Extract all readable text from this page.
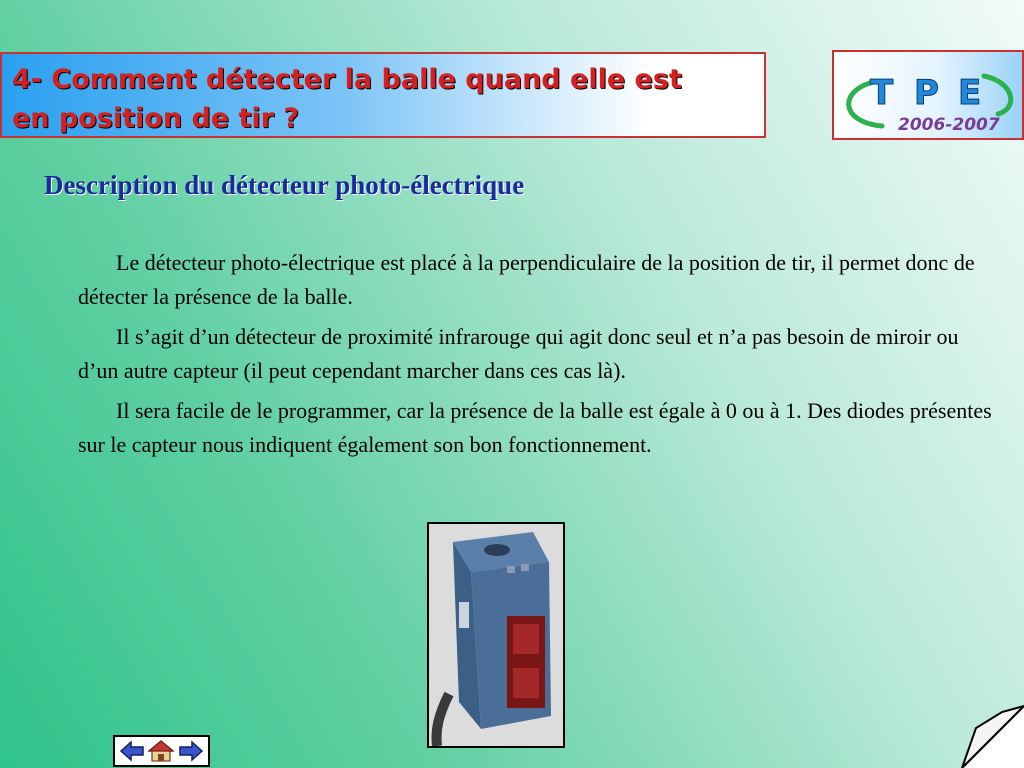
4- Comment détecter la balle quand elle est
en position de tir ?
T P E
2006-2007
Description du détecteur photo-électrique

Le détecteur photo-électrique est placé à la perpendiculaire de la position de tir, il permet donc de détecter la présence de la balle.

Il s’agit d’un détecteur de proximité infrarouge qui agit donc seul et n’a pas besoin de miroir ou d’un autre capteur (il peut cependant marcher dans ces cas là).

Il sera facile de le programmer, car la présence de la balle est égale à 0 ou à 1. Des diodes présentes sur le capteur nous indiquent également son bon fonctionnement.
